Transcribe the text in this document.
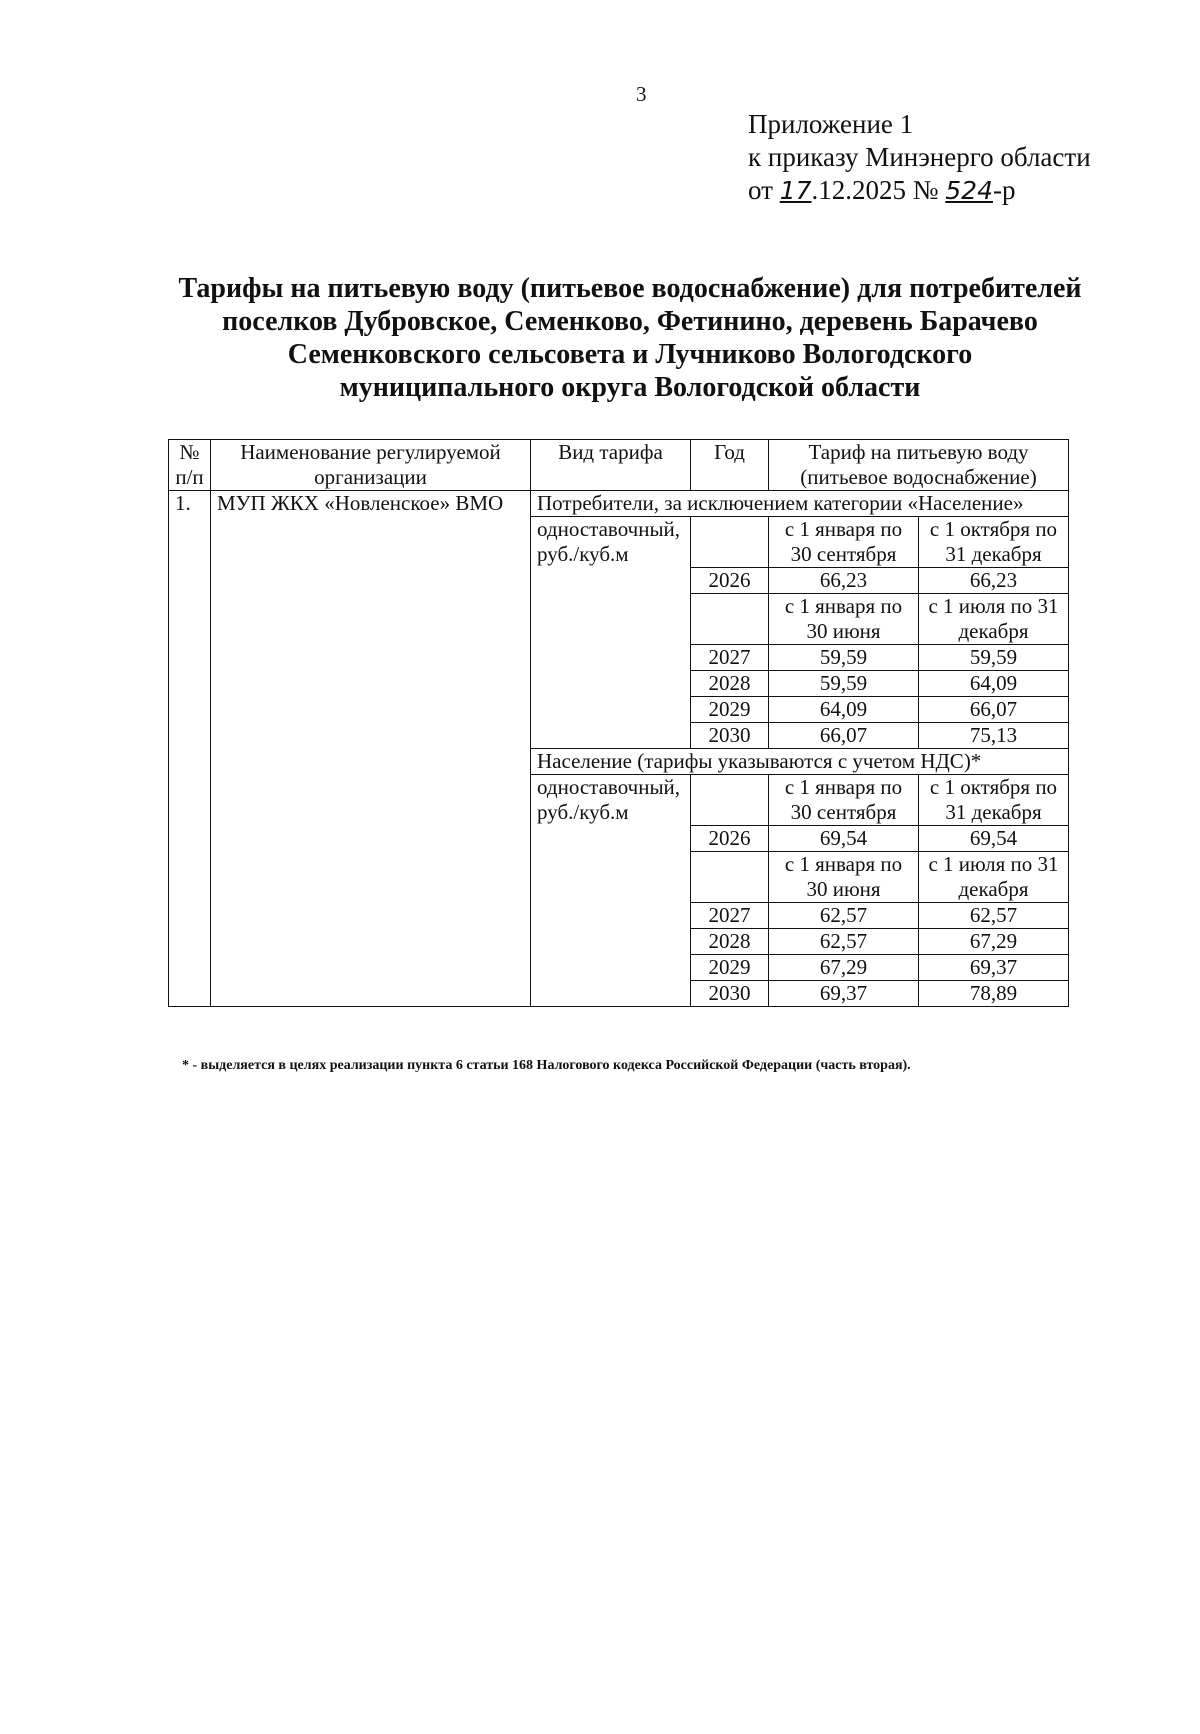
3
Приложение 1
к приказу Минэнерго области
от 17.12.2025 № 524-р
Тарифы на питьевую воду (питьевое водоснабжение) для потребителей
поселков Дубровское, Семенково, Фетинино, деревень Барачево
Семенковского сельсовета и Лучниково Вологодского
муниципального округа Вологодской области
№ п/п	Наименование регулируемой организации	Вид тарифа	Год	Тариф на питьевую воду (питьевое водоснабжение)	
1.	МУП ЖКХ «Новленское» ВМО	Потребители, за исключением категории «Население»			
		одноставочный, руб./куб.м		с 1 января по 30 сентября	с 1 октября по 31 декабря
			2026	66,23	66,23
				с 1 января по 30 июня	с 1 июля по 31 декабря
			2027	59,59	59,59
			2028	59,59	64,09
			2029	64,09	66,07
			2030	66,07	75,13
		Население (тарифы указываются с учетом НДС)*			
		одноставочный, руб./куб.м		с 1 января по 30 сентября	с 1 октября по 31 декабря
			2026	69,54	69,54
				с 1 января по 30 июня	с 1 июля по 31 декабря
			2027	62,57	62,57
			2028	62,57	67,29
			2029	67,29	69,37
			2030	69,37	78,89
* - выделяется в целях реализации пункта 6 статьи 168 Налогового кодекса Российской Федерации (часть вторая).
